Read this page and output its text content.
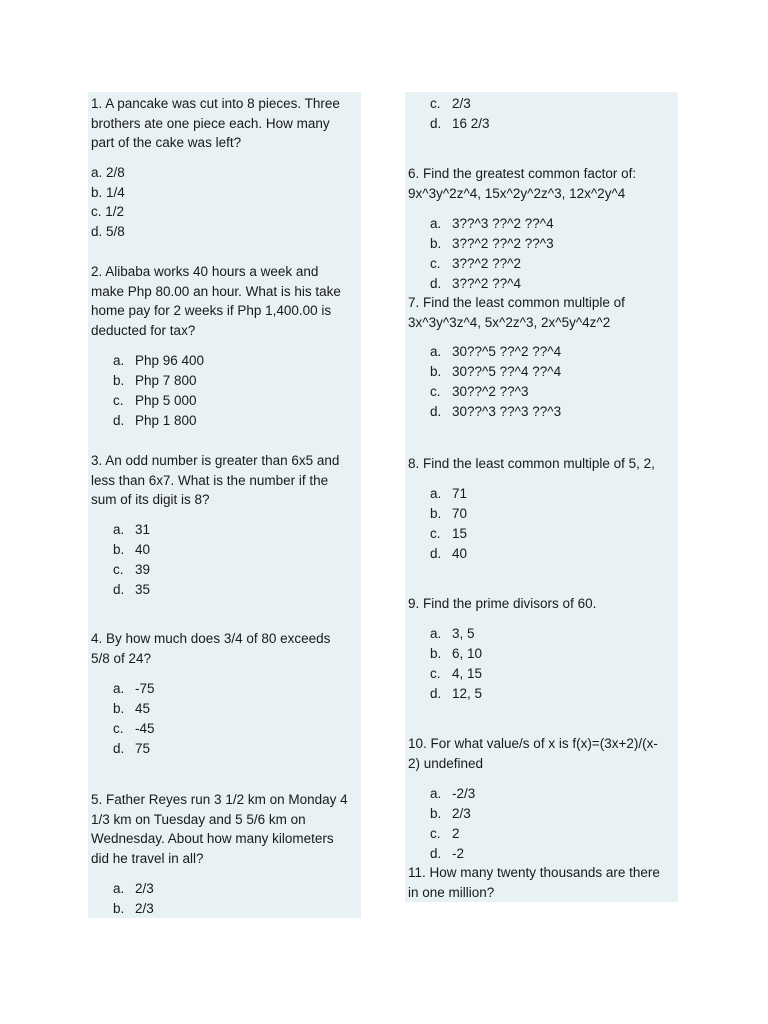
1. A pancake was cut into 8 pieces. Three
brothers ate one piece each. How many
part of the cake was left?
a. 2/8
b. 1/4
c. 1/2
d. 5/8
2. Alibaba works 40 hours a week and
make Php 80.00 an hour. What is his take
home pay for 2 weeks if Php 1,400.00 is
deducted for tax?
a. Php 96 400
b. Php 7 800
c. Php 5 000
d. Php 1 800
3. An odd number is greater than 6x5 and
less than 6x7. What is the number if the
sum of its digit is 8?
a. 31
b. 40
c. 39
d. 35
4. By how much does 3/4 of 80 exceeds
5/8 of 24?
a. -75
b. 45
c. -45
d. 75
5. Father Reyes run 3 1/2 km on Monday 4
1/3 km on Tuesday and 5 5/6 km on
Wednesday. About how many kilometers
did he travel in all?
a. 2/3
b. 2/3
c. 2/3
d. 16 2/3
6. Find the greatest common factor of:
9x^3y^2z^4, 15x^2y^2z^3, 12x^2y^4
a. 3??^3 ??^2 ??^4
b. 3??^2 ??^2 ??^3
c. 3??^2 ??^2
d. 3??^2 ??^4
7. Find the least common multiple of
3x^3y^3z^4, 5x^2z^3, 2x^5y^4z^2
a. 30??^5 ??^2 ??^4
b. 30??^5 ??^4 ??^4
c. 30??^2 ??^3
d. 30??^3 ??^3 ??^3
8. Find the least common multiple of 5, 2,
a. 71
b. 70
c. 15
d. 40
9. Find the prime divisors of 60.
a. 3, 5
b. 6, 10
c. 4, 15
d. 12, 5
10. For what value/s of x is f(x)=(3x+2)/(x-
2) undefined
a. -2/3
b. 2/3
c. 2
d. -2
11. How many twenty thousands are there
in one million?
